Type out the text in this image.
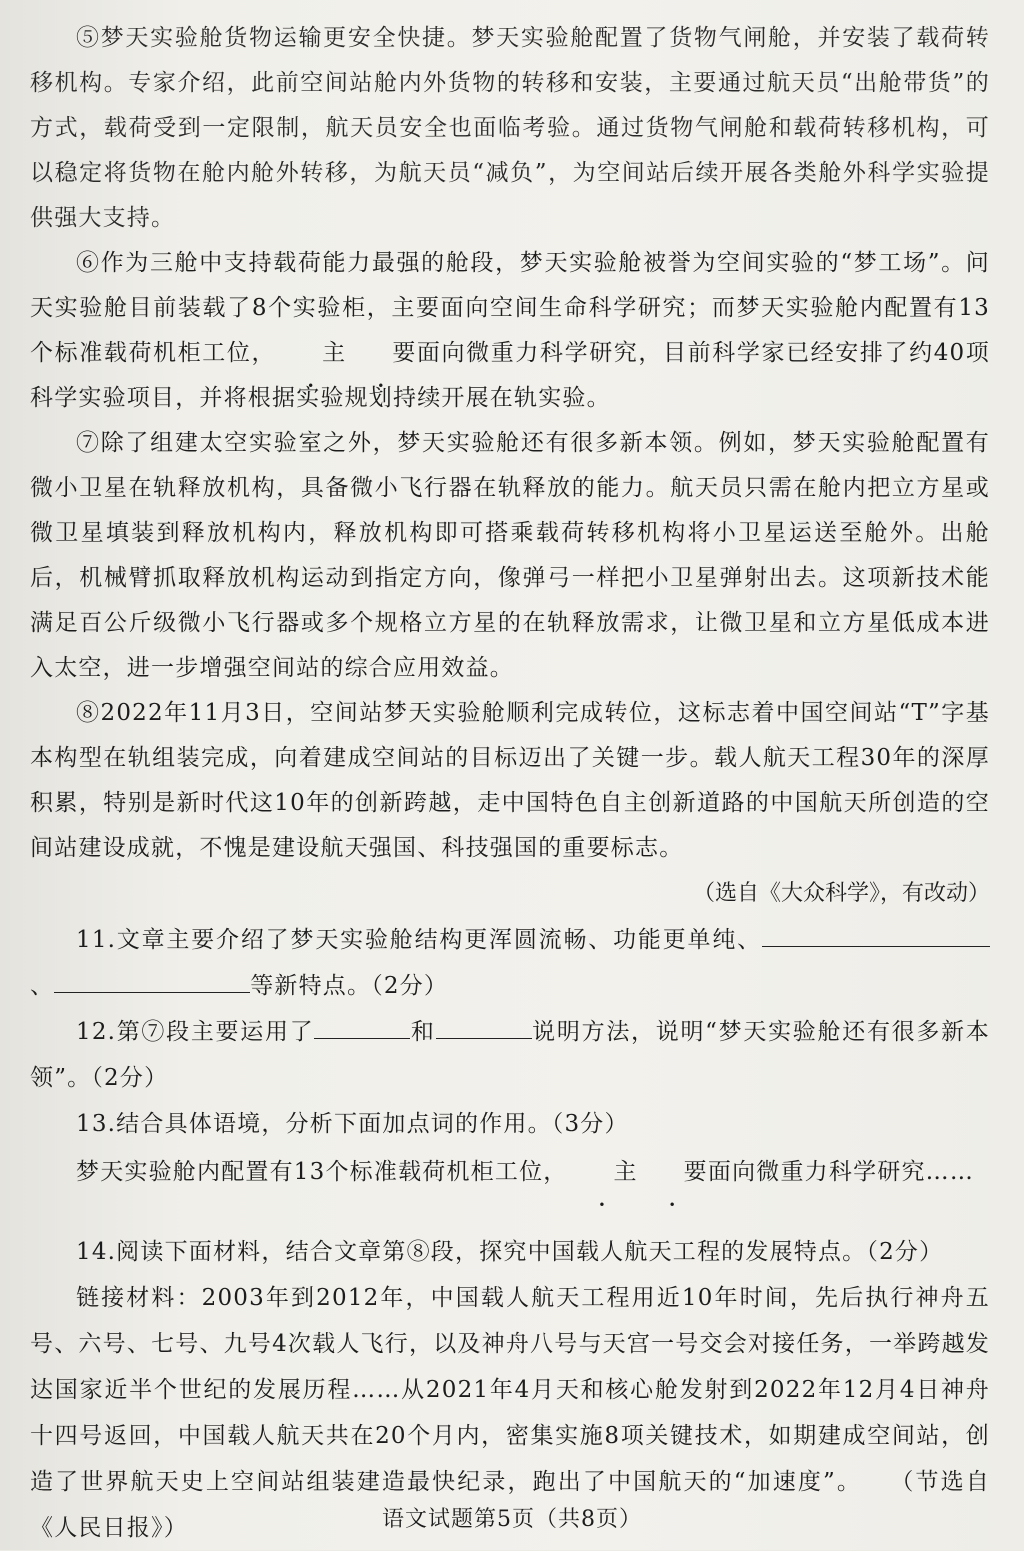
⑤梦天实验舱货物运输更安全快捷。梦天实验舱配置了货物气闸舱，并安装了载荷转移机构。专家介绍，此前空间站舱内外货物的转移和安装，主要通过航天员“出舱带货”的方式，载荷受到一定限制，航天员安全也面临考验。通过货物气闸舱和载荷转移机构，可以稳定将货物在舱内舱外转移，为航天员“减负”，为空间站后续开展各类舱外科学实验提供强大支持。

⑥作为三舱中支持载荷能力最强的舱段，梦天实验舱被誉为空间实验的“梦工场”。问天实验舱目前装载了8个实验柜，主要面向空间生命科学研究；而梦天实验舱内配置有13个标准载荷机柜工位， 主 要面向微重力科学研究，目前科学家已经安排了约40项科学实验项目，并将根据实验规划持续开展在轨实验。

⑦除了组建太空实验室之外，梦天实验舱还有很多新本领。例如，梦天实验舱配置有微小卫星在轨释放机构，具备微小飞行器在轨释放的能力。航天员只需在舱内把立方星或微卫星填装到释放机构内，释放机构即可搭乘载荷转移机构将小卫星运送至舱外。出舱后，机械臂抓取释放机构运动到指定方向，像弹弓一样把小卫星弹射出去。这项新技术能满足百公斤级微小飞行器或多个规格立方星的在轨释放需求，让微卫星和立方星低成本进入太空，进一步增强空间站的综合应用效益。

⑧2022年11月3日，空间站梦天实验舱顺利完成转位，这标志着中国空间站“T”字基本构型在轨组装完成，向着建成空间站的目标迈出了关键一步。载人航天工程30年的深厚积累，特别是新时代这10年的创新跨越，走中国特色自主创新道路的中国航天所创造的空间站建设成就，不愧是建设航天强国、科技强国的重要标志。

（选自《大众科学》，有改动）

11.文章主要介绍了梦天实验舱结构更浑圆流畅、功能更单纯、、	等新特点。（2分）

12.第⑦段主要运用了	和	说明方法，说明“梦天实验舱还有很多新本领”。（2分）

13.结合具体语境，分析下面加点词的作用。（3分）

梦天实验舱内配置有13个标准载荷机柜工位， 主 要面向微重力科学研究……

14.阅读下面材料，结合文章第⑧段，探究中国载人航天工程的发展特点。（2分）

链接材料：2003年到2012年，中国载人航天工程用近10年时间，先后执行神舟五号、六号、七号、九号4次载人飞行，以及神舟八号与天宫一号交会对接任务，一举跨越发达国家近半个世纪的发展历程……从2021年4月天和核心舱发射到2022年12月4日神舟十四号返回，中国载人航天共在20个月内，密集实施8项关键技术，如期建成空间站，创造了世界航天史上空间站组装建造最快纪录，跑出了中国航天的“加速度”。 （节选自《人民日报》）	语文试题第5页（共8页）
